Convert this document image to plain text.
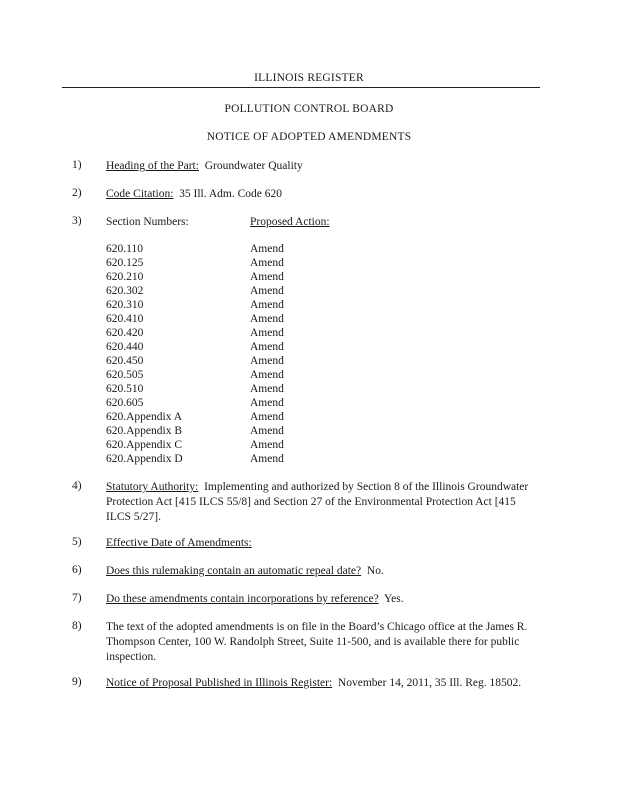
ILLINOIS REGISTER
POLLUTION CONTROL BOARD
NOTICE OF ADOPTED AMENDMENTS
1) Heading of the Part: Groundwater Quality
2) Code Citation: 35 Ill. Adm. Code 620
3) Section Numbers:	Proposed Action:
620.110	Amend
620.125	Amend
620.210	Amend
620.302	Amend
620.310	Amend
620.410	Amend
620.420	Amend
620.440	Amend
620.450	Amend
620.505	Amend
620.510	Amend
620.605	Amend
620.Appendix A	Amend
620.Appendix B	Amend
620.Appendix C	Amend
620.Appendix D	Amend
4) Statutory Authority: Implementing and authorized by Section 8 of the Illinois Groundwater Protection Act [415 ILCS 55/8] and Section 27 of the Environmental Protection Act [415 ILCS 5/27].
5) Effective Date of Amendments:
6) Does this rulemaking contain an automatic repeal date? No.
7) Do these amendments contain incorporations by reference? Yes.
8) The text of the adopted amendments is on file in the Board’s Chicago office at the James R. Thompson Center, 100 W. Randolph Street, Suite 11-500, and is available there for public inspection.
9) Notice of Proposal Published in Illinois Register: November 14, 2011, 35 Ill. Reg. 18502.
